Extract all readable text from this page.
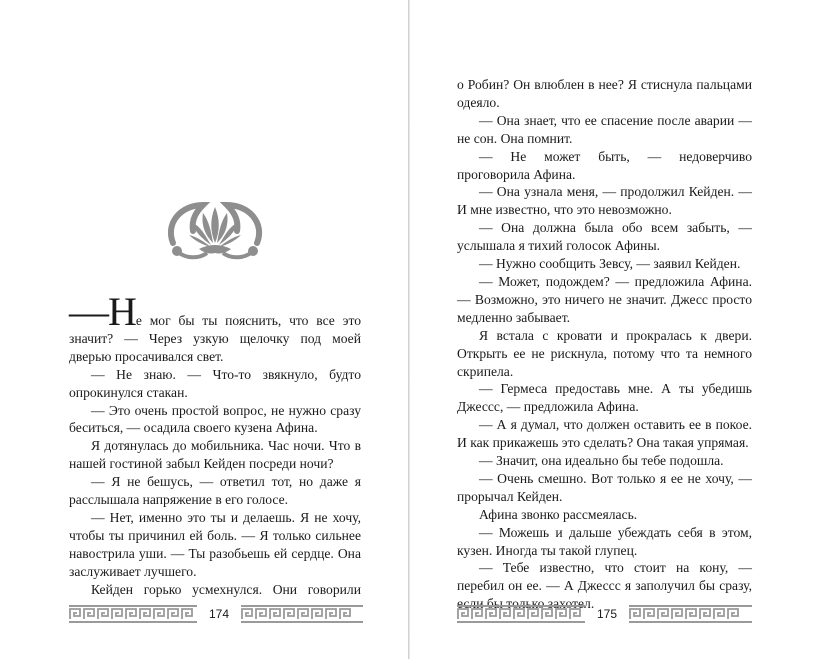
—Не мог бы ты пояснить, что все это значит? — Через узкую щелочку под моей дверью просачивался свет.

— Не знаю. — Что-то звякнуло, будто опрокинулся стакан.

— Это очень простой вопрос, не нужно сразу беситься, — осадила своего кузена Афина.

Я дотянулась до мобильника. Час ночи. Что в нашей гостиной забыл Кейден посреди ночи?

— Я не бешусь, — ответил тот, но даже я расслышала напряжение в его голосе.

— Нет, именно это ты и делаешь. Я не хочу, чтобы ты причинил ей боль. — Я только сильнее навострила уши. — Ты разобьешь ей сердце. Она заслуживает лучшего.

Кейден горько усмехнулся. Они говорили

о Робин? Он влюблен в нее? Я стиснула пальцами одеяло.

— Она знает, что ее спасение после аварии — не сон. Она помнит.

— Не может быть, — недоверчиво проговорила Афина.

— Она узнала меня, — продолжил Кейден. — И мне известно, что это невозможно.

— Она должна была обо всем забыть, — услышала я тихий голосок Афины.

— Нужно сообщить Зевсу, — заявил Кейден.

— Может, подождем? — предложила Афина. — Возможно, это ничего не значит. Джесс просто медленно забывает.

Я встала с кровати и прокралась к двери. Открыть ее не рискнула, потому что та немного скрипела.

— Гермеса предоставь мне. А ты убедишь Джессс, — предложила Афина.

— А я думал, что должен оставить ее в покое. И как прикажешь это сделать? Она такая упрямая.

— Значит, она идеально бы тебе подошла.

— Очень смешно. Вот только я ее не хочу, — прорычал Кейден.

Афина звонко рассмеялась.

— Можешь и дальше убеждать себя в этом, кузен. Иногда ты такой глупец.

— Тебе известно, что стоит на кону, — перебил он ее. — А Джессс я заполучил бы сразу, если бы только захотел.

174	175
